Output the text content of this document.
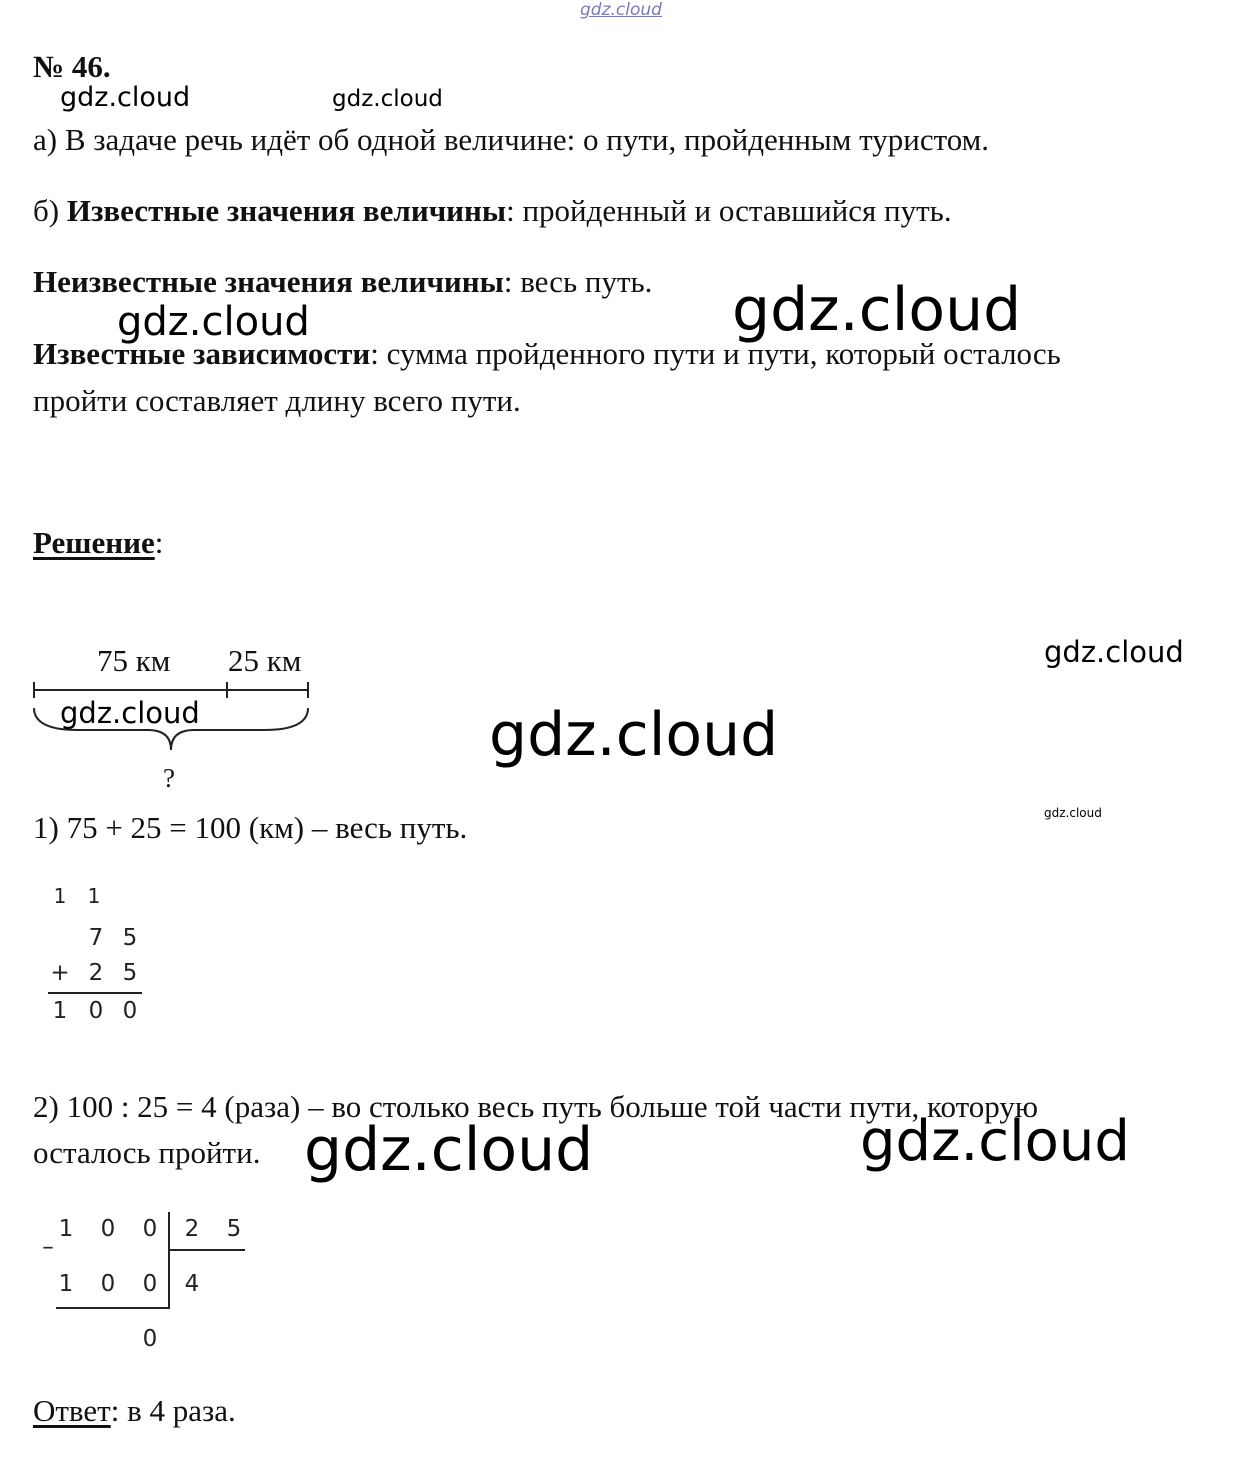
gdz.cloud
№ 46.
gdz.cloud	gdz.cloud
а) В задаче речь идёт об одной величине: о пути, пройденным туристом.
б) Известные значения величины: пройденный и оставшийся путь.
Неизвестные значения величины: весь путь.
gdz.cloud	gdz.cloud
Известные зависимости: сумма пройденного пути и пути, который осталось
пройти составляет длину всего пути.
Решение:
gdz.cloud
75 км 25 км
gdz.cloud
?
gdz.cloud
gdz.cloud
1) 75 + 25 = 100 (км) – весь путь.
1 1
7 5
+ 2 5
1 0 0
2) 100 : 25 = 4 (раза) – во столько весь путь больше той части пути, которую
осталось пройти. gdz.cloud	gdz.cloud
–
1 0 0 2 5
1 0 0 4
0
Ответ: в 4 раза.
